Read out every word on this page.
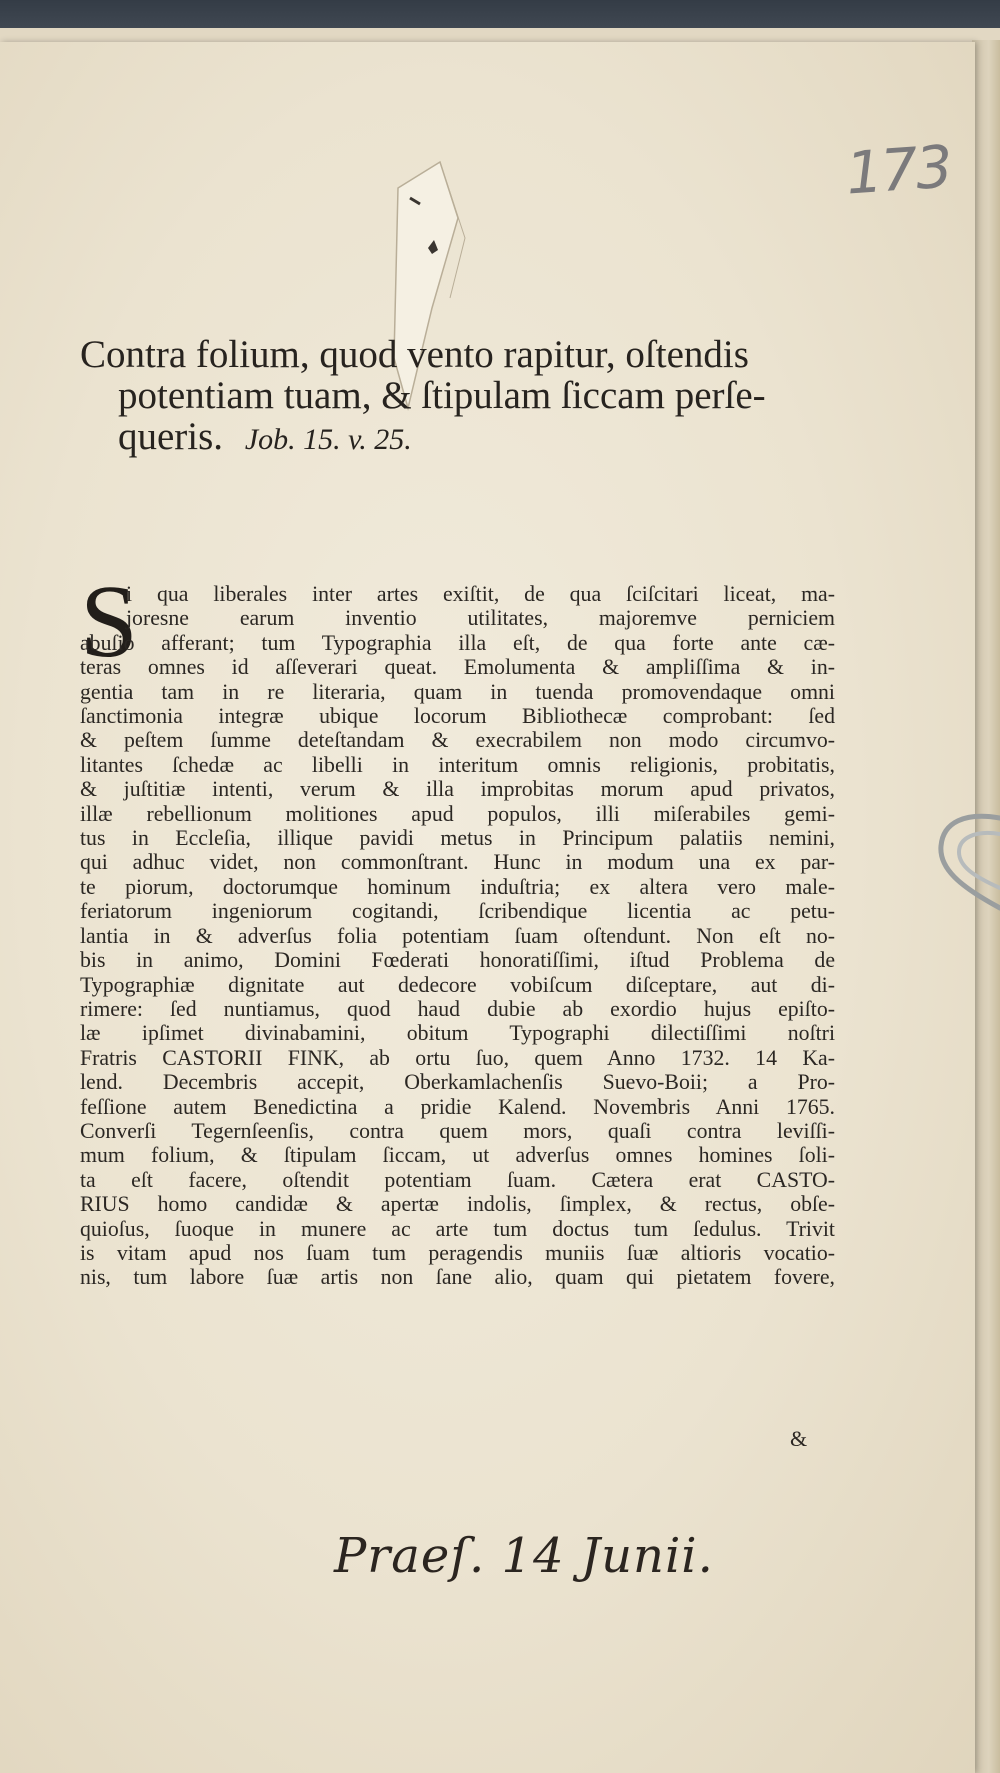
173
Contra folium, quod vento rapitur, oſtendis
potentiam tuam, & ſtipulam ſiccam perſe-
queris. Job. 15. v. 25.
S
i qua liberales inter artes exiſtit, de qua ſciſcitari liceat, ma-
joresne earum inventio utilitates, majoremve perniciem
abuſio afferant; tum Typographia illa eſt, de qua forte ante cæ-
teras omnes id aſſeverari queat. Emolumenta & ampliſſima & in-
gentia tam in re literaria, quam in tuenda promovendaque omni
ſanctimonia integræ ubique locorum Bibliothecæ comprobant: ſed
& peſtem ſumme deteſtandam & execrabilem non modo circumvo-
litantes ſchedæ ac libelli in interitum omnis religionis, probitatis,
& juſtitiæ intenti, verum & illa improbitas morum apud privatos,
illæ rebellionum molitiones apud populos, illi miſerabiles gemi-
tus in Eccleſia, illique pavidi metus in Principum palatiis nemini,
qui adhuc videt, non commonſtrant. Hunc in modum una ex par-
te piorum, doctorumque hominum induſtria; ex altera vero male-
feriatorum ingeniorum cogitandi, ſcribendique licentia ac petu-
lantia in & adverſus folia potentiam ſuam oſtendunt. Non eſt no-
bis in animo, Domini Fœderati honoratiſſimi, iſtud Problema de
Typographiæ dignitate aut dedecore vobiſcum diſceptare, aut di-
rimere: ſed nuntiamus, quod haud dubie ab exordio hujus epiſto-
læ ipſimet divinabamini, obitum Typographi dilectiſſimi noſtri
Fratris CASTORII FINK, ab ortu ſuo, quem Anno 1732. 14 Ka-
lend. Decembris accepit, Oberkamlachenſis Suevo-Boii; a Pro-
feſſione autem Benedictina a pridie Kalend. Novembris Anni 1765.
Converſi Tegernſeenſis, contra quem mors, quaſi contra leviſſi-
mum folium, & ſtipulam ſiccam, ut adverſus omnes homines ſoli-
ta eſt facere, oſtendit potentiam ſuam. Cætera erat CASTO-
RIUS homo candidæ & apertæ indolis, ſimplex, & rectus, obſe-
quioſus, ſuoque in munere ac arte tum doctus tum ſedulus. Trivit
is vitam apud nos ſuam tum peragendis muniis ſuæ altioris vocatio-
nis, tum labore ſuæ artis non ſane alio, quam qui pietatem fovere,
&
Praeſ. 14 Junii.
